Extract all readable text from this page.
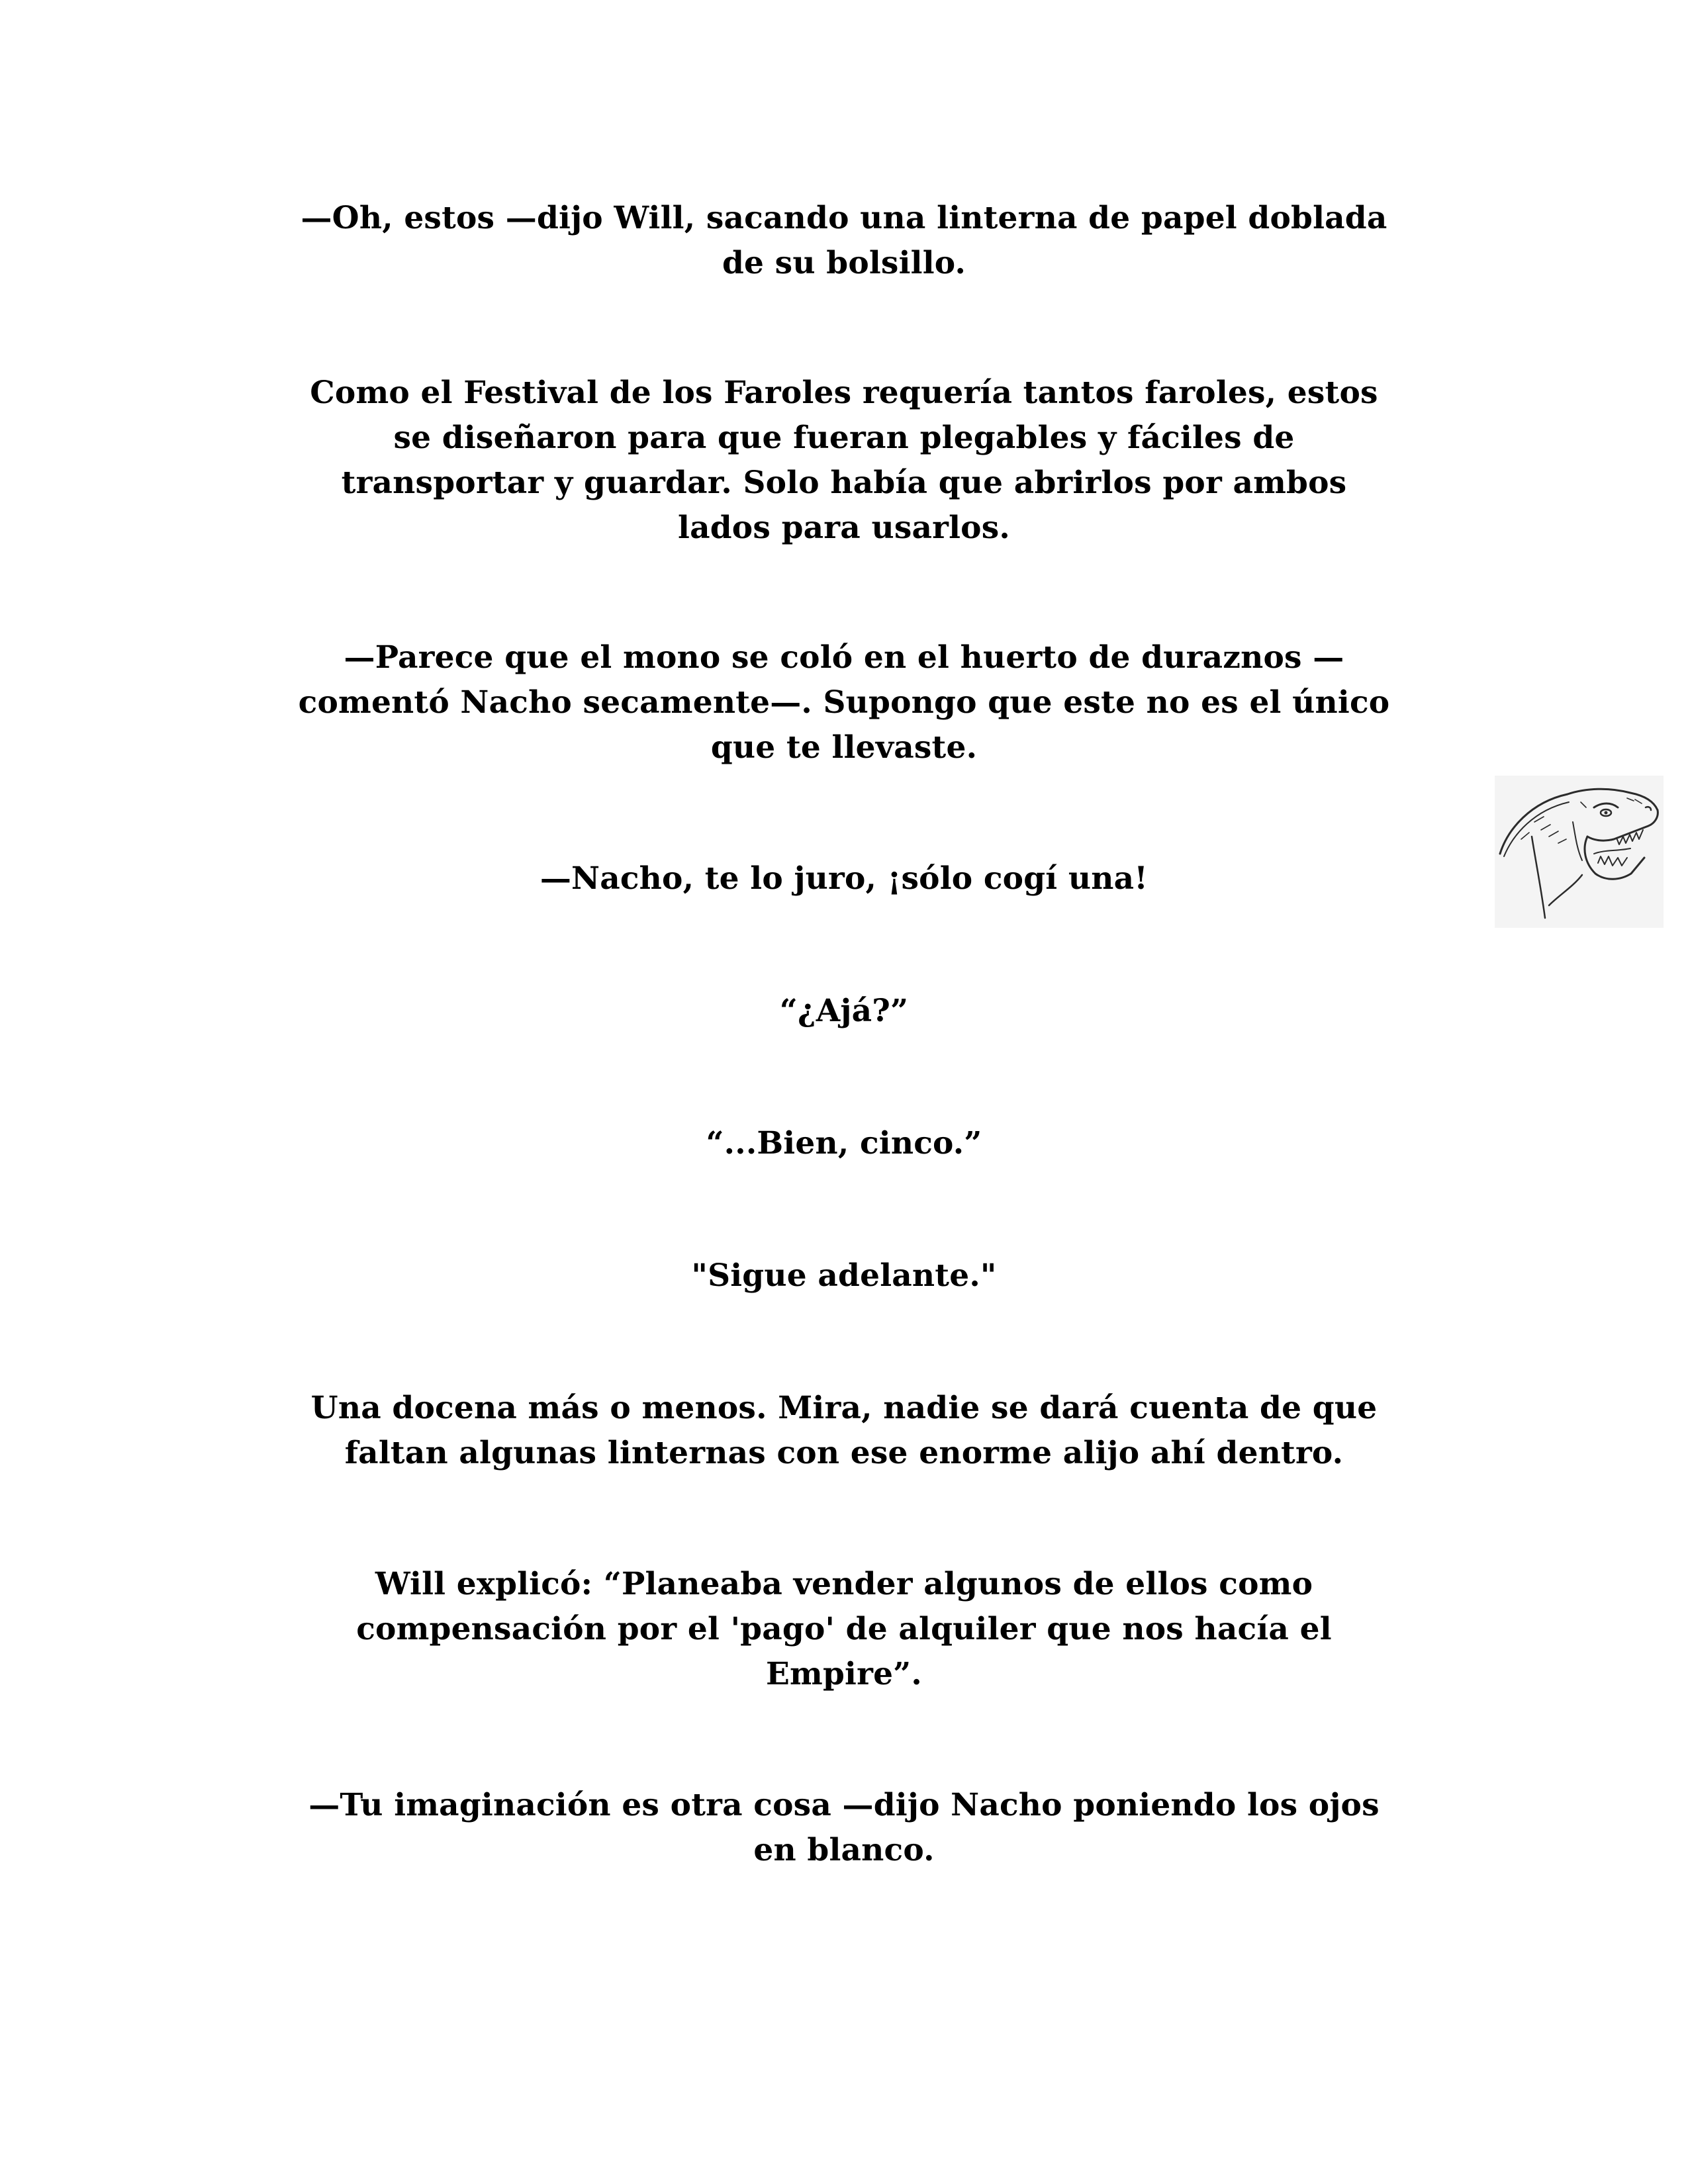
—Oh, estos —dijo Will, sacando una linterna de papel doblada
de su bolsillo.

Como el Festival de los Faroles requería tantos faroles, estos
se diseñaron para que fueran plegables y fáciles de
transportar y guardar. Solo había que abrirlos por ambos
lados para usarlos.

—Parece que el mono se coló en el huerto de duraznos —
comentó Nacho secamente—. Supongo que este no es el único
que te llevaste.

—Nacho, te lo juro, ¡sólo cogí una!

“¿Ajá?”

“...Bien, cinco.”

"Sigue adelante."

Una docena más o menos. Mira, nadie se dará cuenta de que
faltan algunas linternas con ese enorme alijo ahí dentro.

Will explicó: “Planeaba vender algunos de ellos como
compensación por el 'pago' de alquiler que nos hacía el
Empire”.

—Tu imaginación es otra cosa —dijo Nacho poniendo los ojos
en blanco.
